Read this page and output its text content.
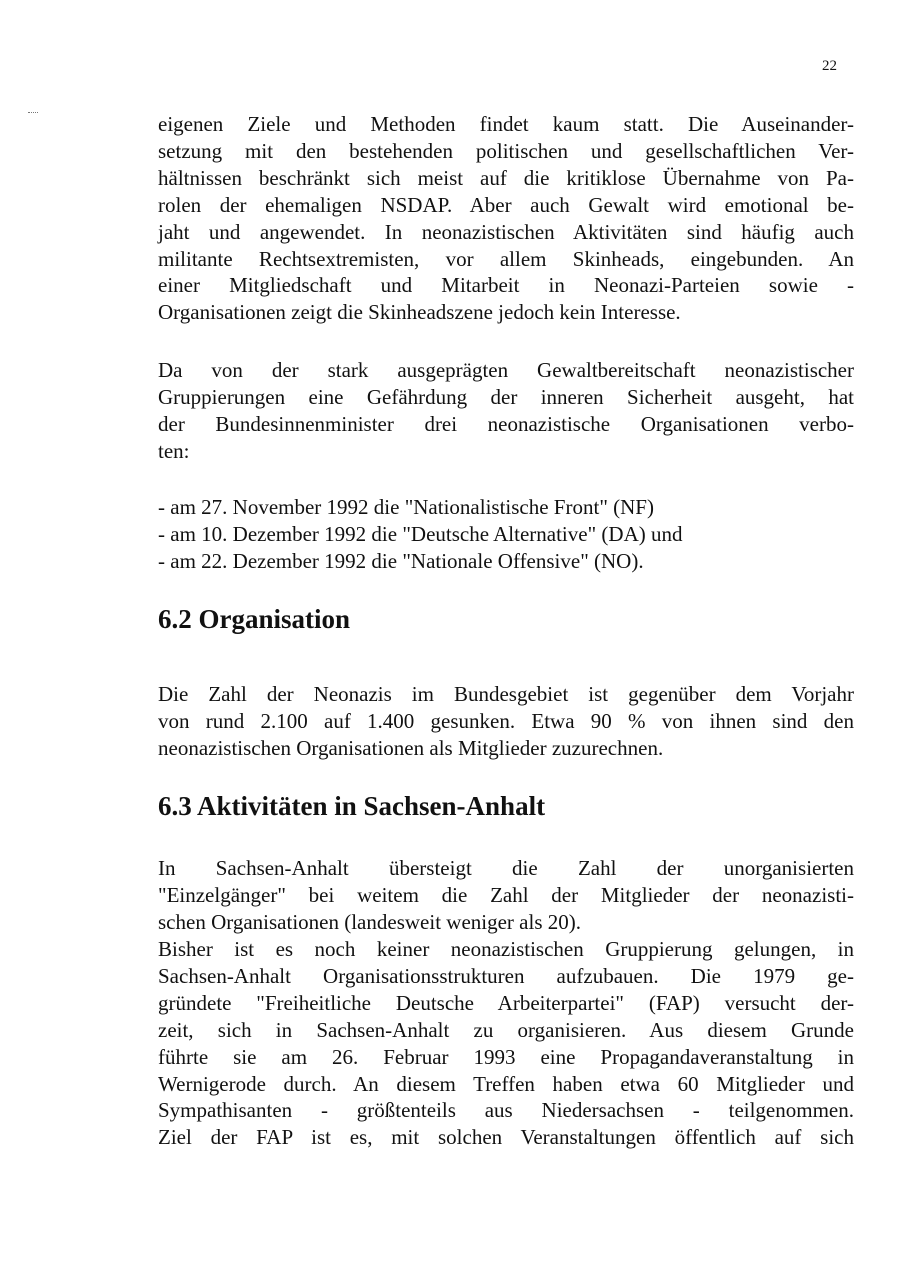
22
eigenen Ziele und Methoden findet kaum statt. Die Auseinander-
setzung mit den bestehenden politischen und gesellschaftlichen Ver-
hältnissen beschränkt sich meist auf die kritiklose Übernahme von Pa-
rolen der ehemaligen NSDAP. Aber auch Gewalt wird emotional be-
jaht und angewendet. In neonazistischen Aktivitäten sind häufig auch
militante Rechtsextremisten, vor allem Skinheads, eingebunden. An
einer Mitgliedschaft und Mitarbeit in Neonazi-Parteien sowie -
Organisationen zeigt die Skinheadszene jedoch kein Interesse.
Da von der stark ausgeprägten Gewaltbereitschaft neonazistischer
Gruppierungen eine Gefährdung der inneren Sicherheit ausgeht, hat
der Bundesinnenminister drei neonazistische Organisationen verbo-
ten:
- am 27. November 1992 die "Nationalistische Front" (NF)
- am 10. Dezember 1992 die "Deutsche Alternative" (DA) und
- am 22. Dezember 1992 die "Nationale Offensive" (NO).
6.2 Organisation
Die Zahl der Neonazis im Bundesgebiet ist gegenüber dem Vorjahr
von rund 2.100 auf 1.400 gesunken. Etwa 90 % von ihnen sind den
neonazistischen Organisationen als Mitglieder zuzurechnen.
6.3 Aktivitäten in Sachsen-Anhalt
In Sachsen-Anhalt übersteigt die Zahl der unorganisierten
"Einzelgänger" bei weitem die Zahl der Mitglieder der neonazisti-
schen Organisationen (landesweit weniger als 20).
Bisher ist es noch keiner neonazistischen Gruppierung gelungen, in
Sachsen-Anhalt Organisationsstrukturen aufzubauen. Die 1979 ge-
gründete "Freiheitliche Deutsche Arbeiterpartei" (FAP) versucht der-
zeit, sich in Sachsen-Anhalt zu organisieren. Aus diesem Grunde
führte sie am 26. Februar 1993 eine Propagandaveranstaltung in
Wernigerode durch. An diesem Treffen haben etwa 60 Mitglieder und
Sympathisanten - größtenteils aus Niedersachsen - teilgenommen.
Ziel der FAP ist es, mit solchen Veranstaltungen öffentlich auf sich
